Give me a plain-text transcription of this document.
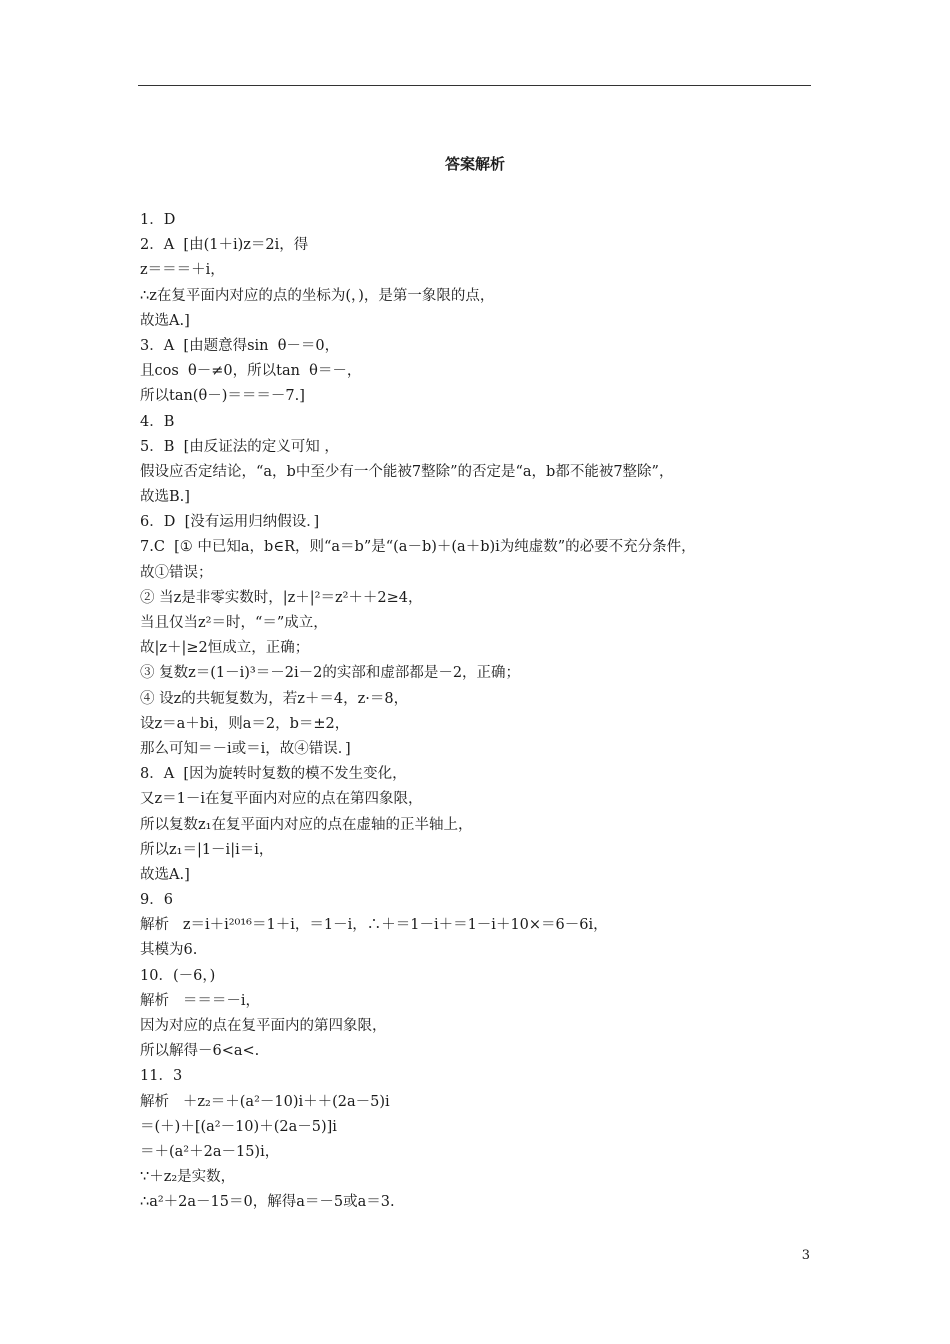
答案解析
1．D
2．A  [由(1＋i)z＝2i，得
z＝＝＝＋i，
∴z在复平面内对应的点的坐标为(，)，是第一象限的点，
故选A.]
3．A  [由题意得sin  θ－＝0，
且cos  θ－≠0，所以tan  θ＝－，
所以tan(θ－)＝＝＝－7.]
4．B
5．B  [由反证法的定义可知 ，
假设应否定结论，“a，b中至少有一个能被7整除”的否定是“a，b都不能被7整除”，
故选B.]
6．D  [没有运用归纳假设．]
7.C  [① 中已知a，b∈R，则“a＝b”是“(a－b)＋(a＋b)i为纯虚数”的必要不充分条件，
故①错误；
② 当z是非零实数时，|z＋|²＝z²＋＋2≥4，
当且仅当z²＝时，“＝”成立，
故|z＋|≥2恒成立，正确；
③ 复数z＝(1－i)³＝－2i－2的实部和虚部都是－2，正确；
④ 设z的共轭复数为，若z＋＝4，z·＝8，
设z＝a＋bi，则a＝2，b＝±2，
那么可知＝－i或＝i，故④错误．]
8．A  [因为旋转时复数的模不发生变化，
又z＝1－i在复平面内对应的点在第四象限，
所以复数z₁在复平面内对应的点在虚轴的正半轴上，
所以z₁＝|1－i|i＝i，
故选A.]
9．6
解析   z＝i＋i²⁰¹⁶＝1＋i，＝1－i，∴＋＝1－i＋＝1－i＋10×＝6－6i，
其模为6.
10．(－6，)
解析   ＝＝＝－i，
因为对应的点在复平面内的第四象限，
所以解得－6<a<.
11．3
解析   ＋z₂＝＋(a²－10)i＋＋(2a－5)i
＝(＋)＋[(a²－10)＋(2a－5)]i
＝＋(a²＋2a－15)i，
∵＋z₂是实数，
∴a²＋2a－15＝0，解得a＝－5或a＝3.
3
